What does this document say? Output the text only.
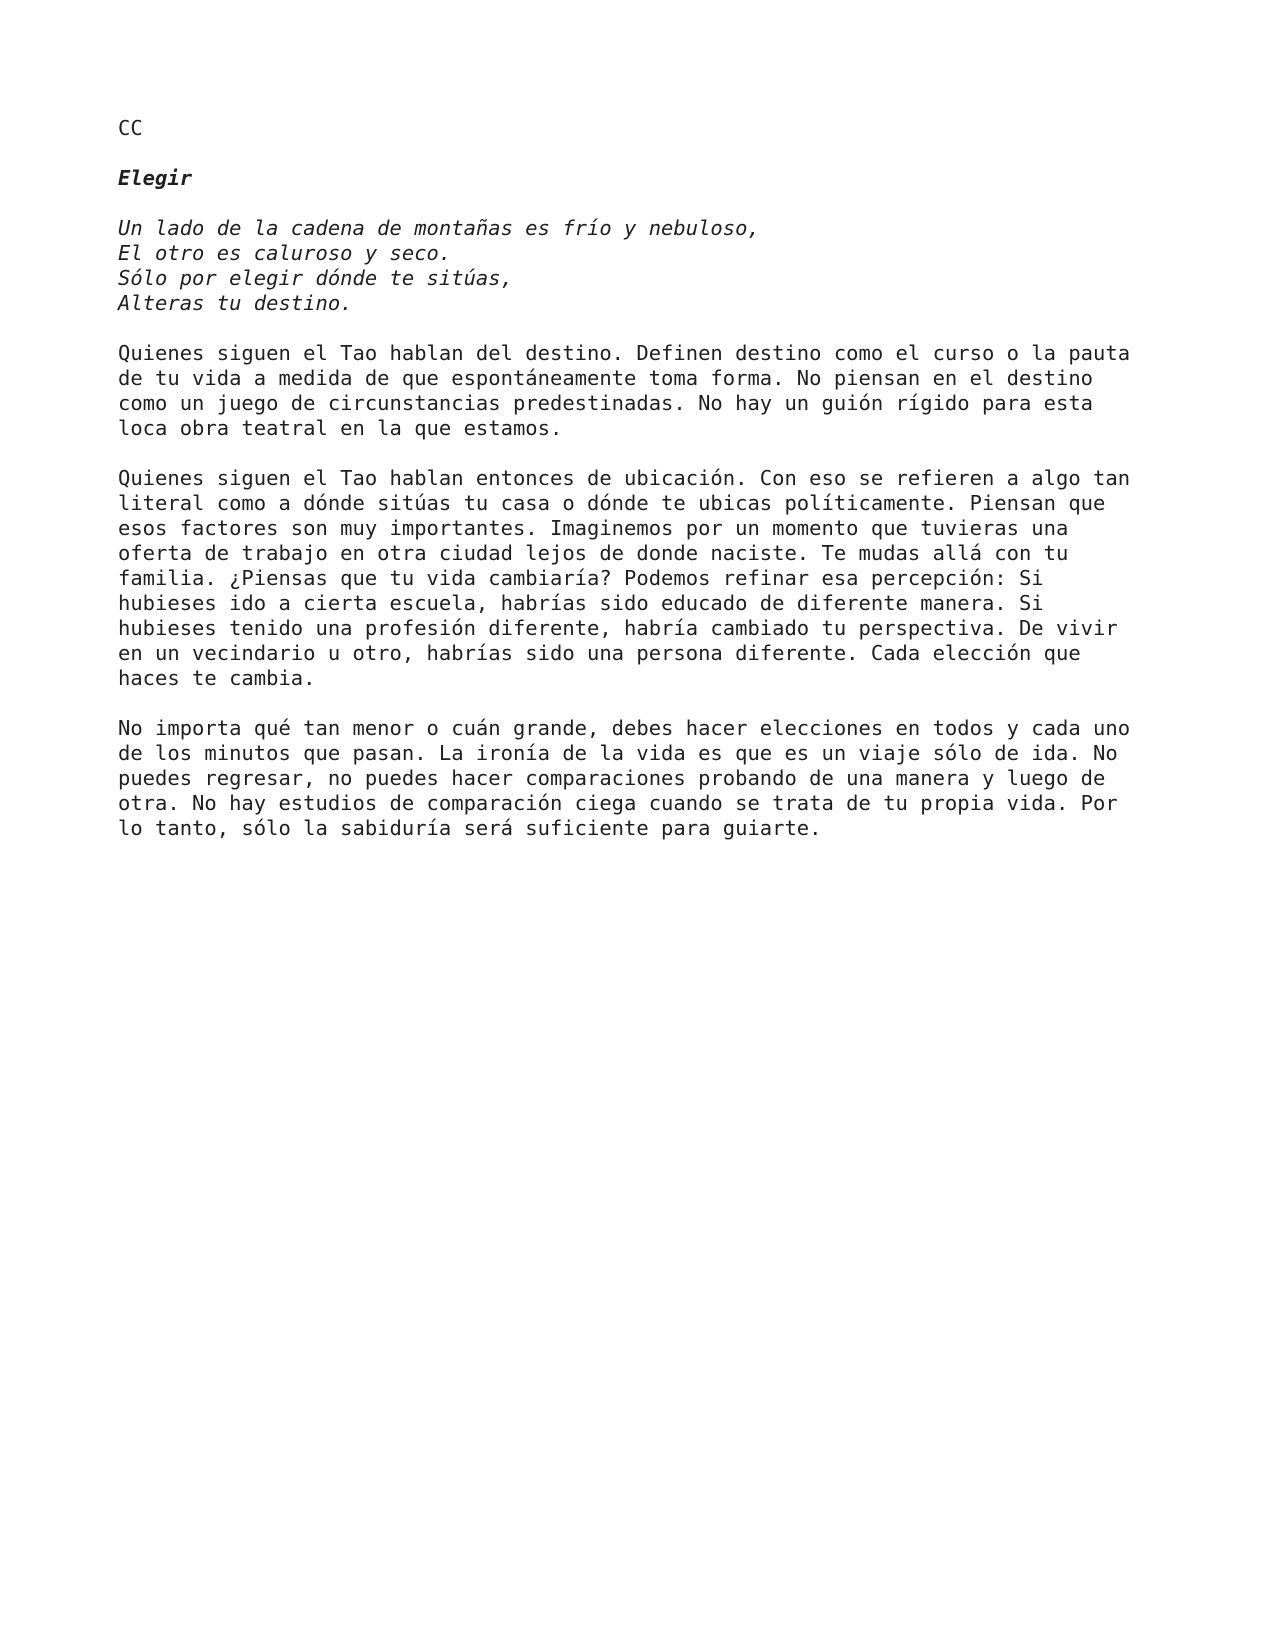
CC

Elegir

Un lado de la cadena de montañas es frío y nebuloso,

El otro es caluroso y seco.

Sólo por elegir dónde te sitúas,

Alteras tu destino.

Quienes siguen el Tao hablan del destino. Definen destino como el curso o la pauta

de tu vida a medida de que espontáneamente toma forma. No piensan en el destino

como un juego de circunstancias predestinadas. No hay un guión rígido para esta

loca obra teatral en la que estamos.

Quienes siguen el Tao hablan entonces de ubicación. Con eso se refieren a algo tan

literal como a dónde sitúas tu casa o dónde te ubicas políticamente. Piensan que

esos factores son muy importantes. Imaginemos por un momento que tuvieras una

oferta de trabajo en otra ciudad lejos de donde naciste. Te mudas allá con tu

familia. ¿Piensas que tu vida cambiaría? Podemos refinar esa percepción: Si

hubieses ido a cierta escuela, habrías sido educado de diferente manera. Si

hubieses tenido una profesión diferente, habría cambiado tu perspectiva. De vivir

en un vecindario u otro, habrías sido una persona diferente. Cada elección que

haces te cambia.

No importa qué tan menor o cuán grande, debes hacer elecciones en todos y cada uno

de los minutos que pasan. La ironía de la vida es que es un viaje sólo de ida. No

puedes regresar, no puedes hacer comparaciones probando de una manera y luego de

otra. No hay estudios de comparación ciega cuando se trata de tu propia vida. Por

lo tanto, sólo la sabiduría será suficiente para guiarte.
